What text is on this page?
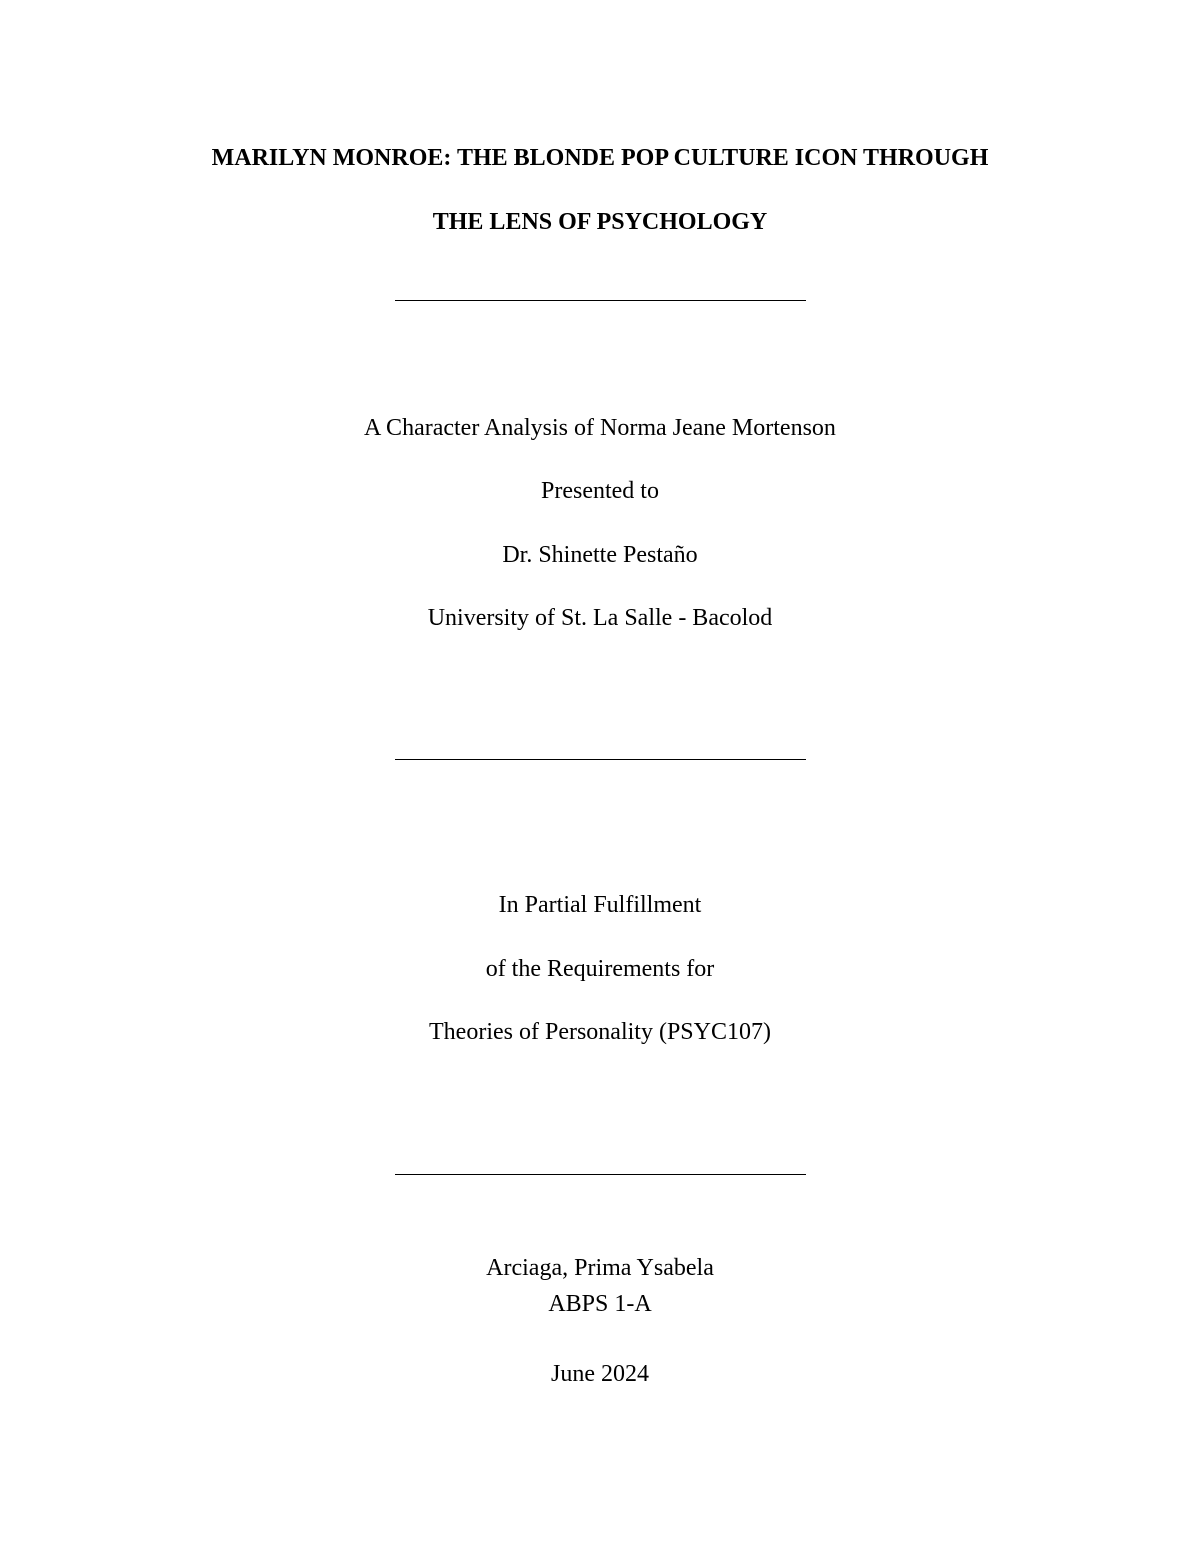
MARILYN MONROE: THE BLONDE POP CULTURE ICON THROUGH
THE LENS OF PSYCHOLOGY
A Character Analysis of Norma Jeane Mortenson
Presented to
Dr. Shinette Pestaño
University of St. La Salle - Bacolod
In Partial Fulfillment
of the Requirements for
Theories of Personality (PSYC107)
Arciaga, Prima Ysabela
ABPS 1-A
June 2024
